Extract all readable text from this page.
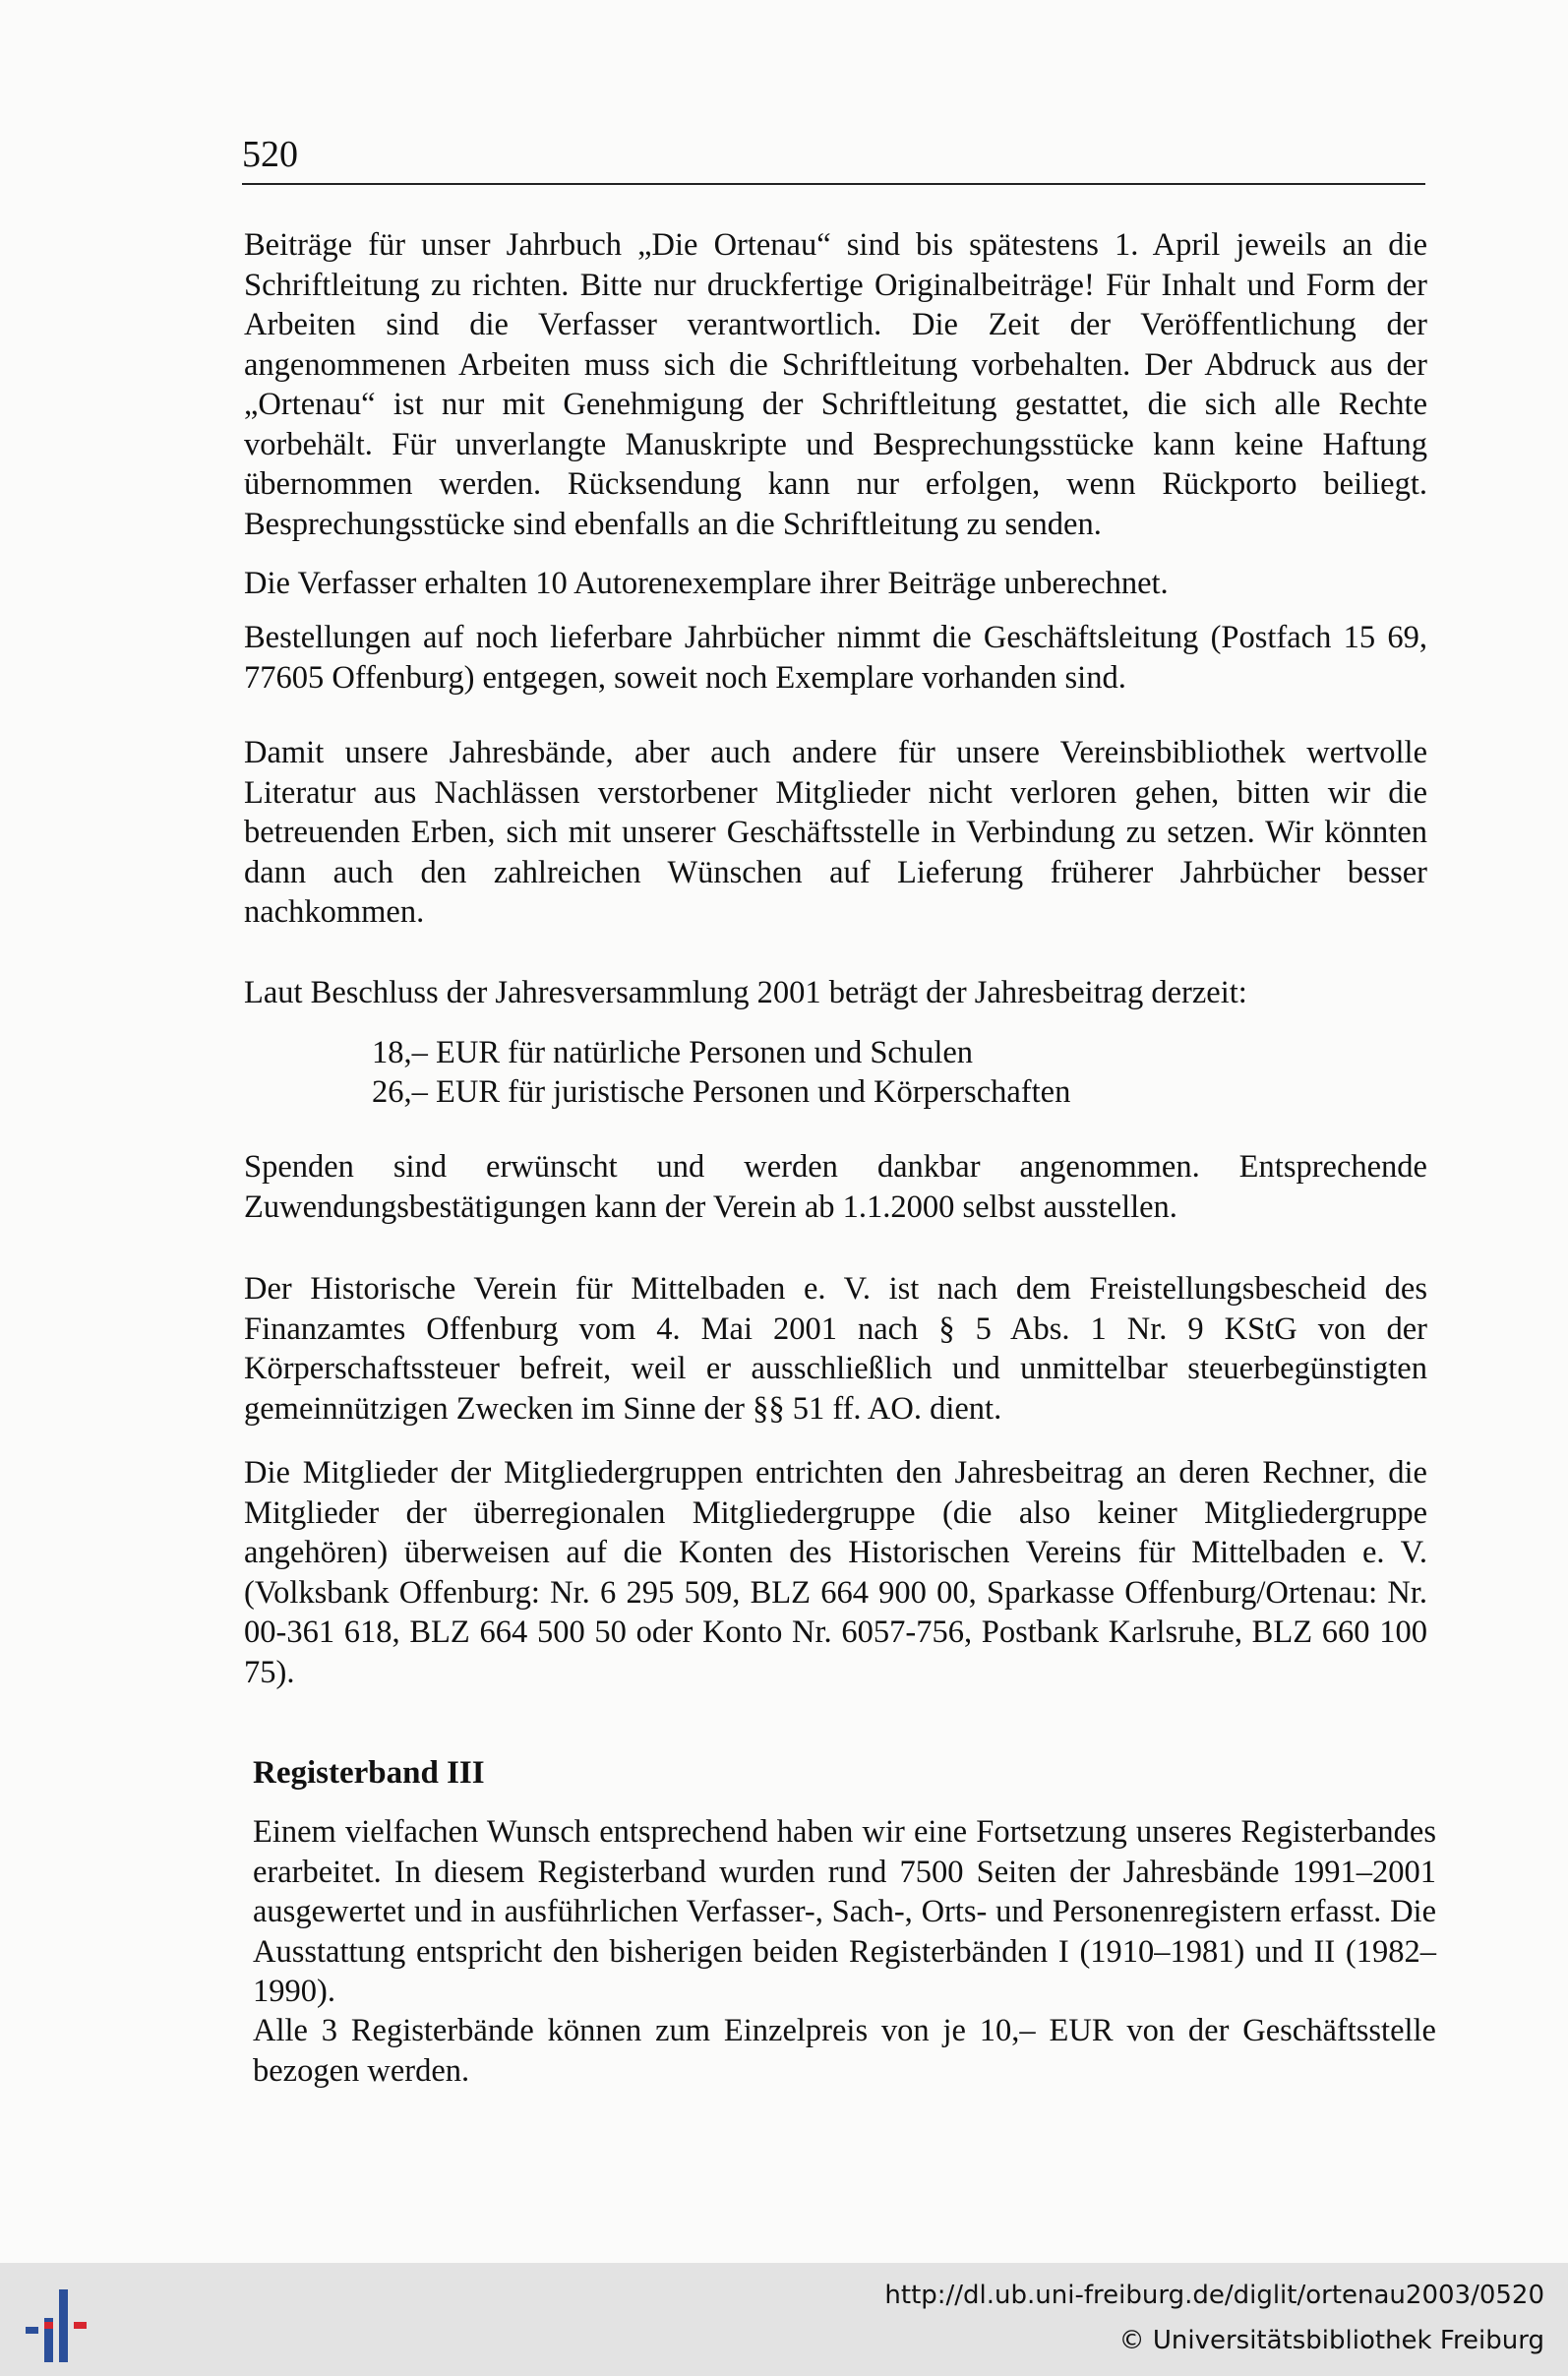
520

Beiträge für unser Jahrbuch „Die Ortenau“ sind bis spätestens 1. April jeweils an die Schriftleitung zu richten. Bitte nur druckfertige Originalbeiträge! Für Inhalt und Form der Arbeiten sind die Verfasser verantwortlich. Die Zeit der Veröffentlichung der angenommenen Arbeiten muss sich die Schriftleitung vorbehalten. Der Abdruck aus der „Ortenau“ ist nur mit Genehmigung der Schriftleitung gestattet, die sich alle Rechte vorbehält. Für unverlangte Manuskripte und Besprechungsstücke kann keine Haftung übernommen werden. Rücksendung kann nur erfolgen, wenn Rückporto beiliegt. Besprechungsstücke sind ebenfalls an die Schriftleitung zu senden.

Die Verfasser erhalten 10 Autorenexemplare ihrer Beiträge unberechnet.

Bestellungen auf noch lieferbare Jahrbücher nimmt die Geschäftsleitung (Postfach 15 69, 77605 Offenburg) entgegen, soweit noch Exemplare vorhanden sind.

Damit unsere Jahresbände, aber auch andere für unsere Vereinsbibliothek wertvolle Literatur aus Nachlässen verstorbener Mitglieder nicht verloren gehen, bitten wir die betreuenden Erben, sich mit unserer Geschäftsstelle in Verbindung zu setzen. Wir könnten dann auch den zahlreichen Wünschen auf Lieferung früherer Jahrbücher besser nachkommen.

Laut Beschluss der Jahresversammlung 2001 beträgt der Jahresbeitrag derzeit:

18,– EUR für natürliche Personen und Schulen

26,– EUR für juristische Personen und Körperschaften

Spenden sind erwünscht und werden dankbar angenommen. Entsprechende Zuwendungsbestätigungen kann der Verein ab 1.1.2000 selbst ausstellen.

Der Historische Verein für Mittelbaden e. V. ist nach dem Freistellungsbescheid des Finanzamtes Offenburg vom 4. Mai 2001 nach § 5 Abs. 1 Nr. 9 KStG von der Körperschaftssteuer befreit, weil er ausschließlich und unmittelbar steuerbegünstigten gemeinnützigen Zwecken im Sinne der §§ 51 ff. AO. dient.

Die Mitglieder der Mitgliedergruppen entrichten den Jahresbeitrag an deren Rechner, die Mitglieder der überregionalen Mitgliedergruppe (die also keiner Mitgliedergruppe angehören) überweisen auf die Konten des Historischen Vereins für Mittelbaden e. V. (Volksbank Offenburg: Nr. 6 295 509, BLZ 664 900 00, Sparkasse Offenburg/Ortenau: Nr. 00-361 618, BLZ 664 500 50 oder Konto Nr. 6057-756, Postbank Karlsruhe, BLZ 660 100 75).

Registerband III

Einem vielfachen Wunsch entsprechend haben wir eine Fortsetzung unseres Registerbandes erarbeitet. In diesem Registerband wurden rund 7500 Seiten der Jahresbände 1991–2001 ausgewertet und in ausführlichen Verfasser-, Sach-, Orts- und Personenregistern erfasst. Die Ausstattung entspricht den bisherigen beiden Registerbänden I (1910–1981) und II (1982–1990).

Alle 3 Registerbände können zum Einzelpreis von je 10,– EUR von der Geschäftsstelle bezogen werden.

http://dl.ub.uni-freiburg.de/diglit/ortenau2003/0520
© Universitätsbibliothek Freiburg
